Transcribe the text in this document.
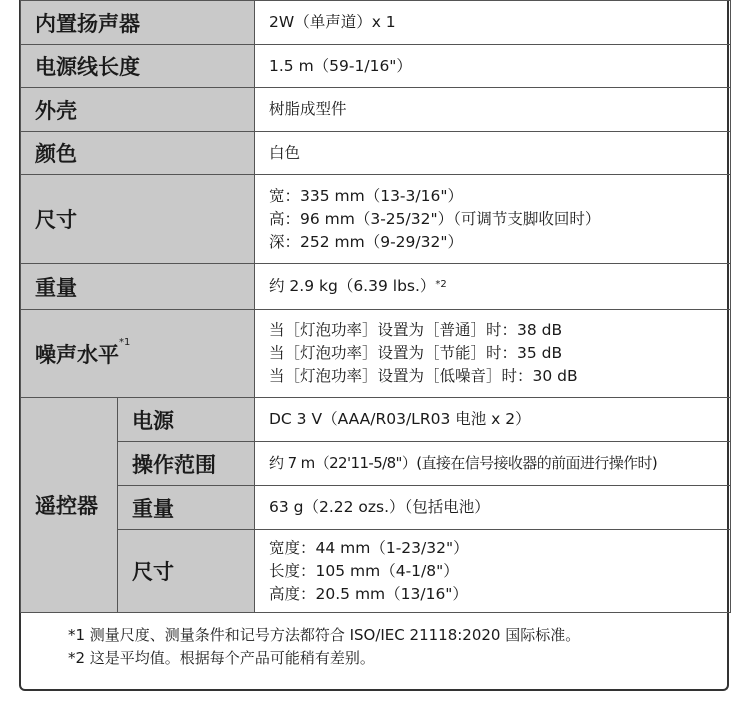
内置扬声器		2W（单声道）x 1
电源线长度		1.5 m（59-1/16"）
外壳		树脂成型件
颜色		白色
尺寸		宽：335 mm（13-3/16"）
高：96 mm（3-25/32"）（可调节支脚收回时）
深：252 mm（9-29/32"）

重量		约 2.9 kg（6.39 lbs.）$^{*2}$
噪声水平$^{*1}$		当［灯泡功率］设置为［普通］时：38 dB
当［灯泡功率］设置为［节能］时：35 dB
当［灯泡功率］设置为［低噪音］时：30 dB

遥控器	电源	DC 3 V（AAA/R03/LR03 电池 x 2）
	操作范围	约 7 m（22'11-5/8"）(直接在信号接收器的前面进行操作时)
	重量	63 g（2.22 ozs.）（包括电池）
	尺寸	宽度：44 mm（1-23/32"）
长度：105 mm（4-1/8"）
高度：20.5 mm（13/16"）
*1 测量尺度、测量条件和记号方法都符合 ISO/IEC 21118:2020 国际标准。
*2 这是平均值。根据每个产品可能稍有差别。
